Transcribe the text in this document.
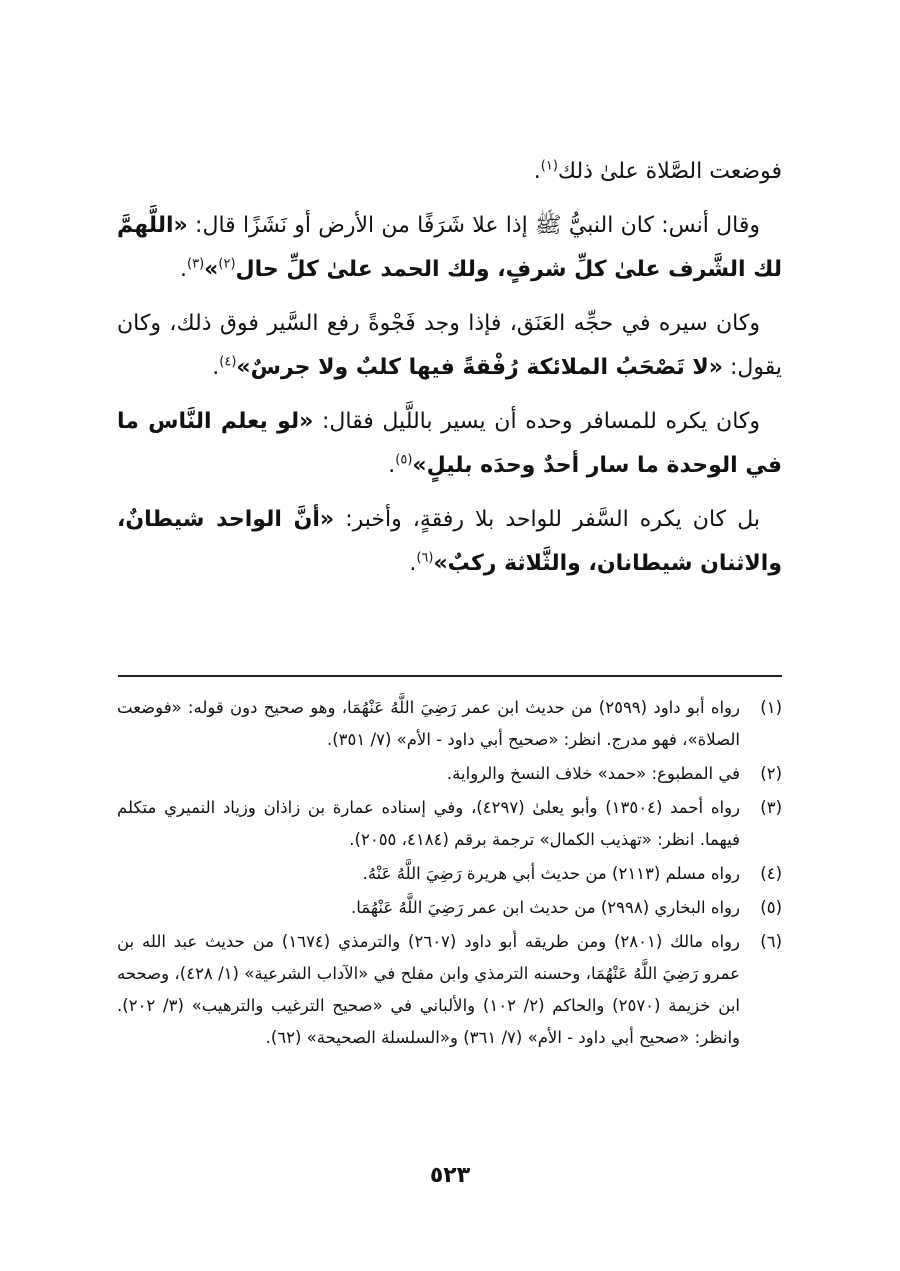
فوضعت الصَّلاة علىٰ ذلك$^{(١)}$.

وقال أنس: كان النبيُّ ﷺ إذا علا شَرَفًا من الأرض أو نَشَزًا قال: «اللَّهمَّ لك الشَّرف علىٰ كلِّ شرفٍ، ولك الحمد علىٰ كلِّ حال$^{(٢)}$»$^{(٣)}$.

وكان سيره في حجِّه العَنَق، فإذا وجد فَجْوةً رفع السَّير فوق ذلك، وكان يقول: «لا تَصْحَبُ الملائكة رُفْقةً فيها كلبٌ ولا جرسٌ»$^{(٤)}$.

وكان يكره للمسافر وحده أن يسير باللَّيل فقال: «لو يعلم النَّاس ما في الوحدة ما سار أحدٌ وحدَه بليلٍ»$^{(٥)}$.

بل كان يكره السَّفر للواحد بلا رفقةٍ، وأخبر: «أنَّ الواحد شيطانٌ، والاثنان شيطانان، والثَّلاثة ركبٌ»$^{(٦)}$.

(١)
رواه أبو داود (٢٥٩٩) من حديث ابن عمر رَضِيَ اللَّهُ عَنْهُمَا، وهو صحيح دون قوله: «فوضعت الصلاة»، فهو مدرج. انظر: «صحيح أبي داود - الأم» (٧/ ٣٥١).
(٢)
في المطبوع: «حمد» خلاف النسخ والرواية.
(٣)
رواه أحمد (١٣٥٠٤) وأبو يعلىٰ (٤٢٩٧)، وفي إسناده عمارة بن زاذان وزياد النميري متكلم فيهما. انظر: «تهذيب الكمال» ترجمة برقم (٤١٨٤، ٢٠٥٥).
(٤)
رواه مسلم (٢١١٣) من حديث أبي هريرة رَضِيَ اللَّهُ عَنْهُ.
(٥)
رواه البخاري (٢٩٩٨) من حديث ابن عمر رَضِيَ اللَّهُ عَنْهُمَا.
(٦)
رواه مالك (٢٨٠١) ومن طريقه أبو داود (٢٦٠٧) والترمذي (١٦٧٤) من حديث عبد الله بن عمرو رَضِيَ اللَّهُ عَنْهُمَا، وحسنه الترمذي وابن مفلح في «الآداب الشرعية» (١/ ٤٢٨)، وصححه ابن خزيمة (٢٥٧٠) والحاكم (٢/ ١٠٢) والألباني في «صحيح الترغيب والترهيب» (٣/ ٢٠٢). وانظر: «صحيح أبي داود - الأم» (٧/ ٣٦١) و«السلسلة الصحيحة» (٦٢).
٥٢٣
